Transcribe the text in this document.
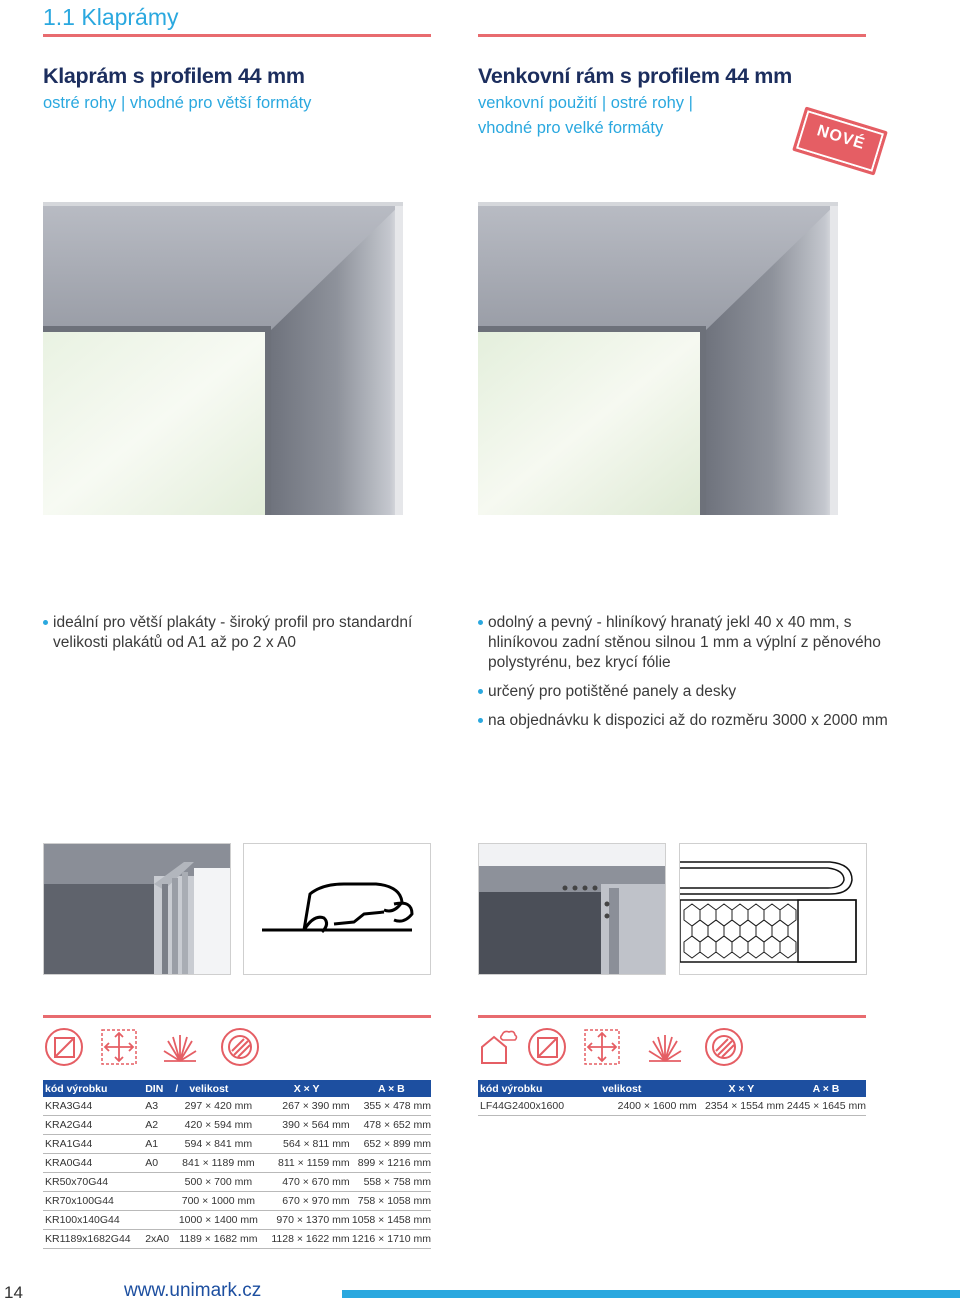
1.1 Klaprámy
Klaprám s profilem 44 mm
ostré rohy | vhodné pro větší formáty
Venkovní rám s profilem 44 mm
venkovní použití | ostré rohy |
vhodné pro velké formáty	NOVÉ
ideální pro větší plakáty - široký profil pro standardní velikosti plakátů od A1 až po 2 x A0
odolný a pevný - hliníkový hranatý jekl 40 x 40 mm, s hliníkovou zadní stěnou silnou 1 mm a výplní z pěnového polystyrénu, bez krycí fólie
určený pro potištěné panely a desky
na objednávku k dispozici až do rozměru 3000 x 2000 mm
kód výrobku	DIN	/	velikost	X × Y	A × B
KRA3G44	A3	297 × 420 mm		267 × 390 mm	355 × 478 mm
KRA2G44	A2	420 × 594 mm		390 × 564 mm	478 × 652 mm
KRA1G44	A1	594 × 841 mm		564 × 811 mm	652 × 899 mm
KRA0G44	A0	841 × 1189 mm		811 × 1159 mm	899 × 1216 mm
KR50x70G44		500 × 700 mm		470 × 670 mm	558 × 758 mm
KR70x100G44		700 × 1000 mm		670 × 970 mm	758 × 1058 mm
KR100x140G44		1000 × 1400 mm		970 × 1370 mm	1058 × 1458 mm
KR1189x1682G44	2xA0	1189 × 1682 mm		1128 × 1622 mm	1216 × 1710 mm
kód výrobku	velikost	X × Y	A × B
LF44G2400x1600	2400 × 1600 mm	2354 × 1554 mm	2445 × 1645 mm
14	www.unimark.cz
